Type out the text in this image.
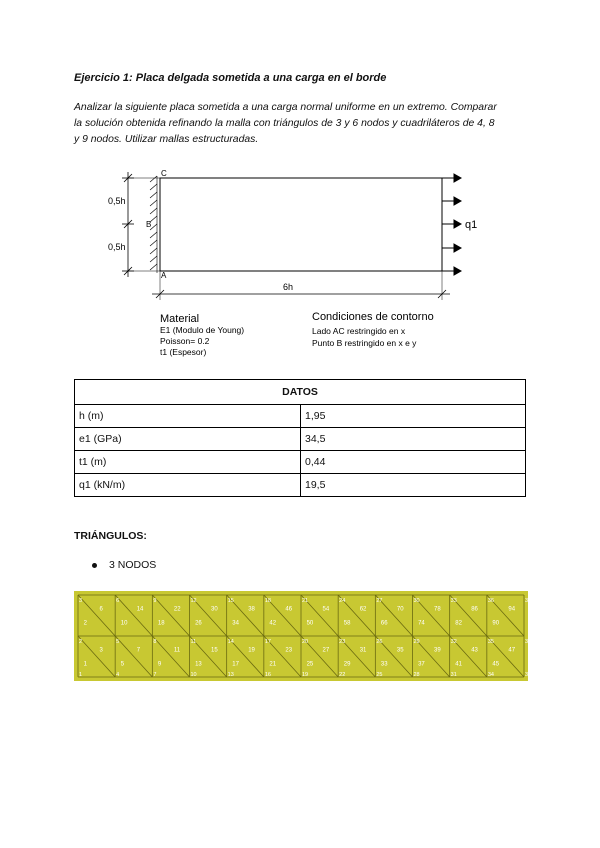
Ejercicio 1: Placa delgada sometida a una carga en el borde
Analizar la siguiente placa sometida a una carga normal uniforme en un extremo. Comparar
la solución obtenida refinando la malla con triángulos de 3 y 6 nodos y cuadriláteros de 4, 8
y 9 nodos. Utilizar mallas estructuradas.
0,5h
0,5h
C
B
A
6h
q1
Material
E1 (Modulo de Young)
Poisson= 0.2
t1 (Espesor)
Condiciones de contorno
Lado AC restringido en x
Punto B restringido en x e y
DATOS	
h (m)	1,95
e1 (GPa)	34,5
t1 (m)	0,44
q1 (kN/m)	19,5
TRIÁNGULOS:
3 NODOS
3	6	9	12	15	18	21	24	27	30	33	36	39
2	5	8	11	14	17	20	23	26	29	32	35	38
1	4	7	10	13	16	19	22	25	28	31	34	37
2
6
10
14
18
22
26
30
34
38
42
46
50
54
58
62
66
70
74
78
82
86
90
94
1
3
5
7
9
11
13
15
17
19
21
23
25
27
29
31
33
35
37
39
41
43
45
47
